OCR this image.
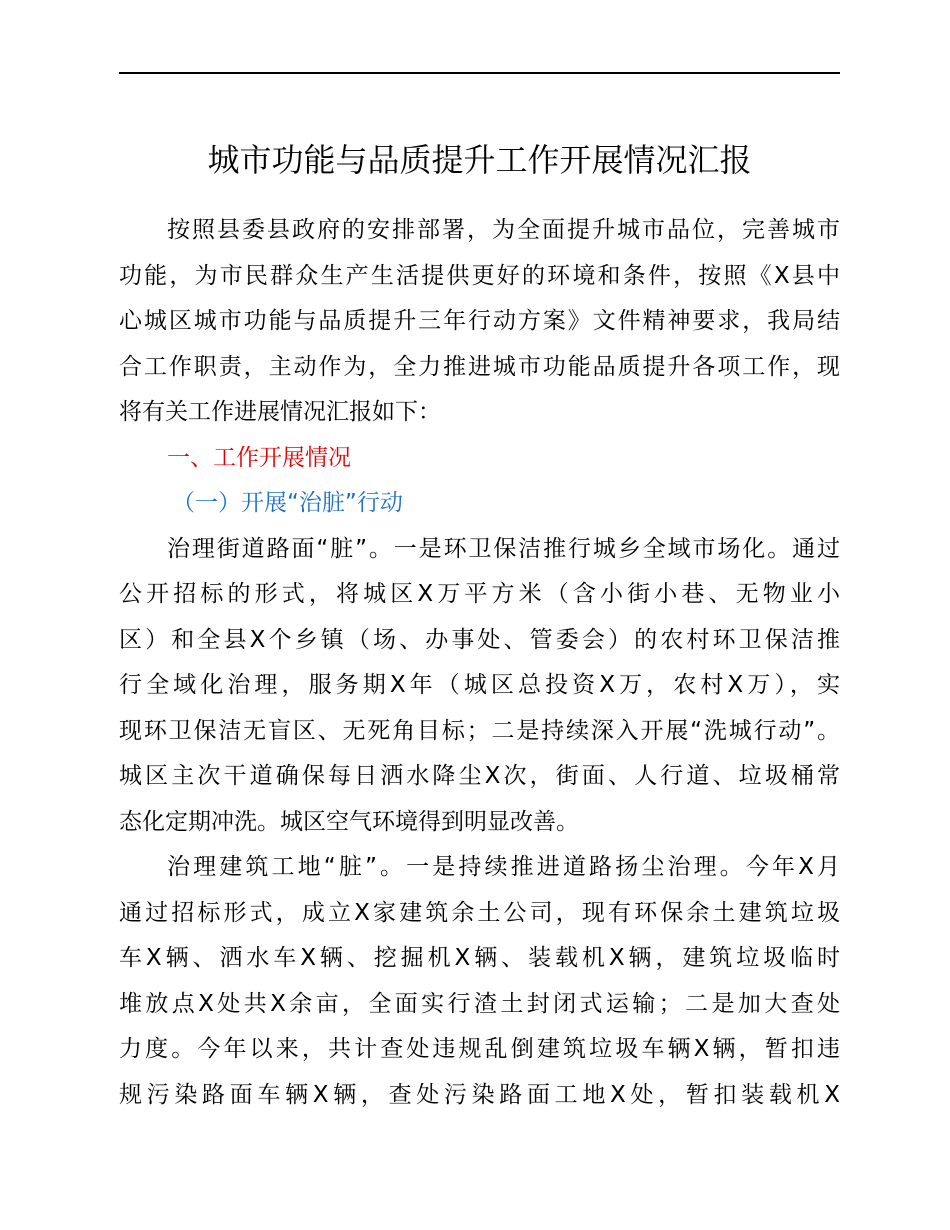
城市功能与品质提升工作开展情况汇报
按照县委县政府的安排部署，为全面提升城市品位，完善城市
功能，为市民群众生产生活提供更好的环境和条件，按照《X县中
心城区城市功能与品质提升三年行动方案》文件精神要求，我局结
合工作职责，主动作为，全力推进城市功能品质提升各项工作，现
将有关工作进展情况汇报如下：
一、工作开展情况
（一）开展“治脏”行动
治理街道路面“脏”。一是环卫保洁推行城乡全域市场化。通过
公开招标的形式，将城区X万平方米（含小街小巷、无物业小
区）和全县X个乡镇（场、办事处、管委会）的农村环卫保洁推
行全域化治理，服务期X年（城区总投资X万，农村X万），实
现环卫保洁无盲区、无死角目标；二是持续深入开展“洗城行动”。
城区主次干道确保每日洒水降尘X次，街面、人行道、垃圾桶常
态化定期冲洗。城区空气环境得到明显改善。
治理建筑工地“脏”。一是持续推进道路扬尘治理。今年X月
通过招标形式，成立X家建筑余土公司，现有环保余土建筑垃圾
车X辆、洒水车X辆、挖掘机X辆、装载机X辆，建筑垃圾临时
堆放点X处共X余亩，全面实行渣土封闭式运输；二是加大查处
力度。今年以来，共计查处违规乱倒建筑垃圾车辆X辆，暂扣违
规污染路面车辆X辆，查处污染路面工地X处，暂扣装载机X
